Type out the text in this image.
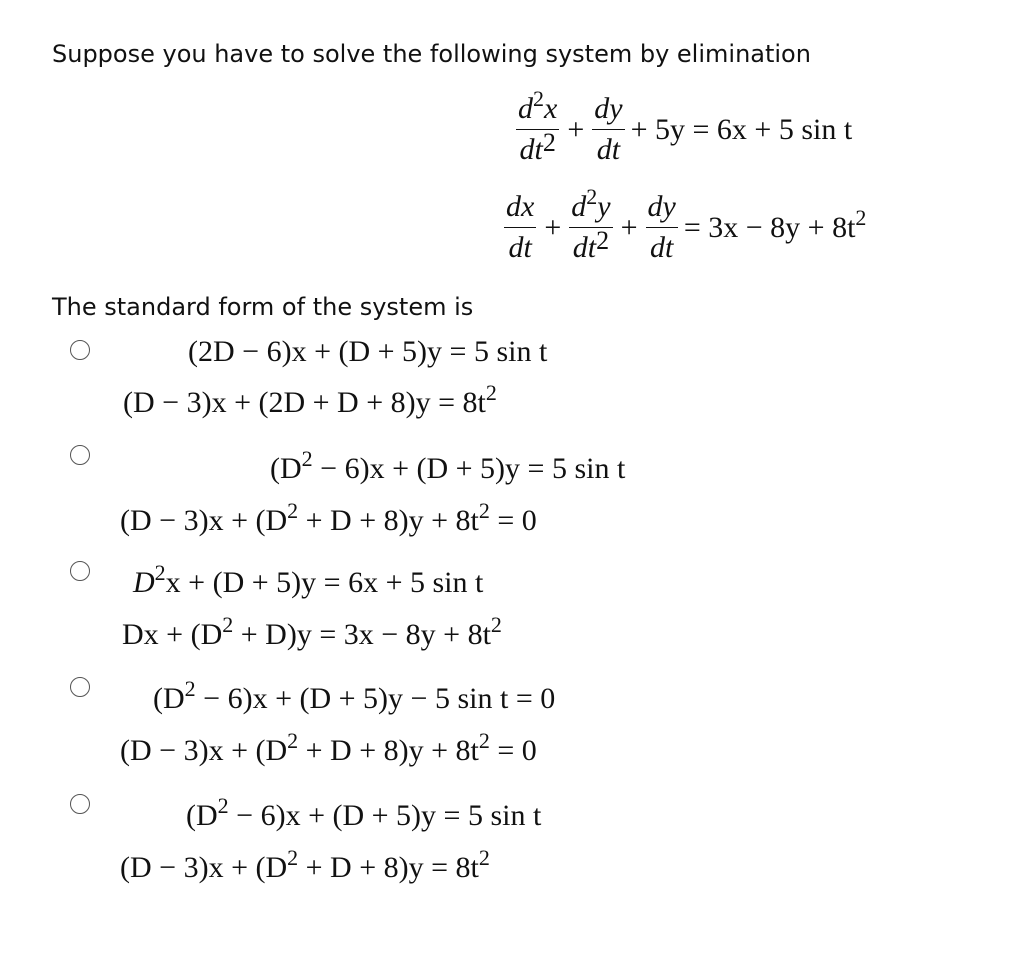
Suppose you have to solve the following system by elimination
$\frac{d^2x}{dt2} + \frac{dy}{dt} + 5y = 6x + 5$ sin t
$\frac{dx}{dt} + \frac{d^2y}{dt2} + \frac{dy}{dt} = 3x - 8y + 8t^2$
The standard form of the system is
(2D − 6)x + (D + 5)y = 5 sin t
$(D - 3)x + (2D + D + 8)y = 8t^2$
$(D^2 - 6)x + (D + 5)y = 5$ sin t
$(D - 3)x + (D^2 + D + 8)y + 8t^2 = 0$
$D^2x + (D + 5)y = 6x + 5$ sin t
$Dx + (D^2 + D)y = 3x - 8y + 8t^2$
$(D^2 - 6)x + (D + 5)y - 5$ sin t = 0
$(D - 3)x + (D^2 + D + 8)y + 8t^2 = 0$
$(D^2 - 6)x + (D + 5)y = 5$ sin t
$(D - 3)x + (D^2 + D + 8)y = 8t^2$
